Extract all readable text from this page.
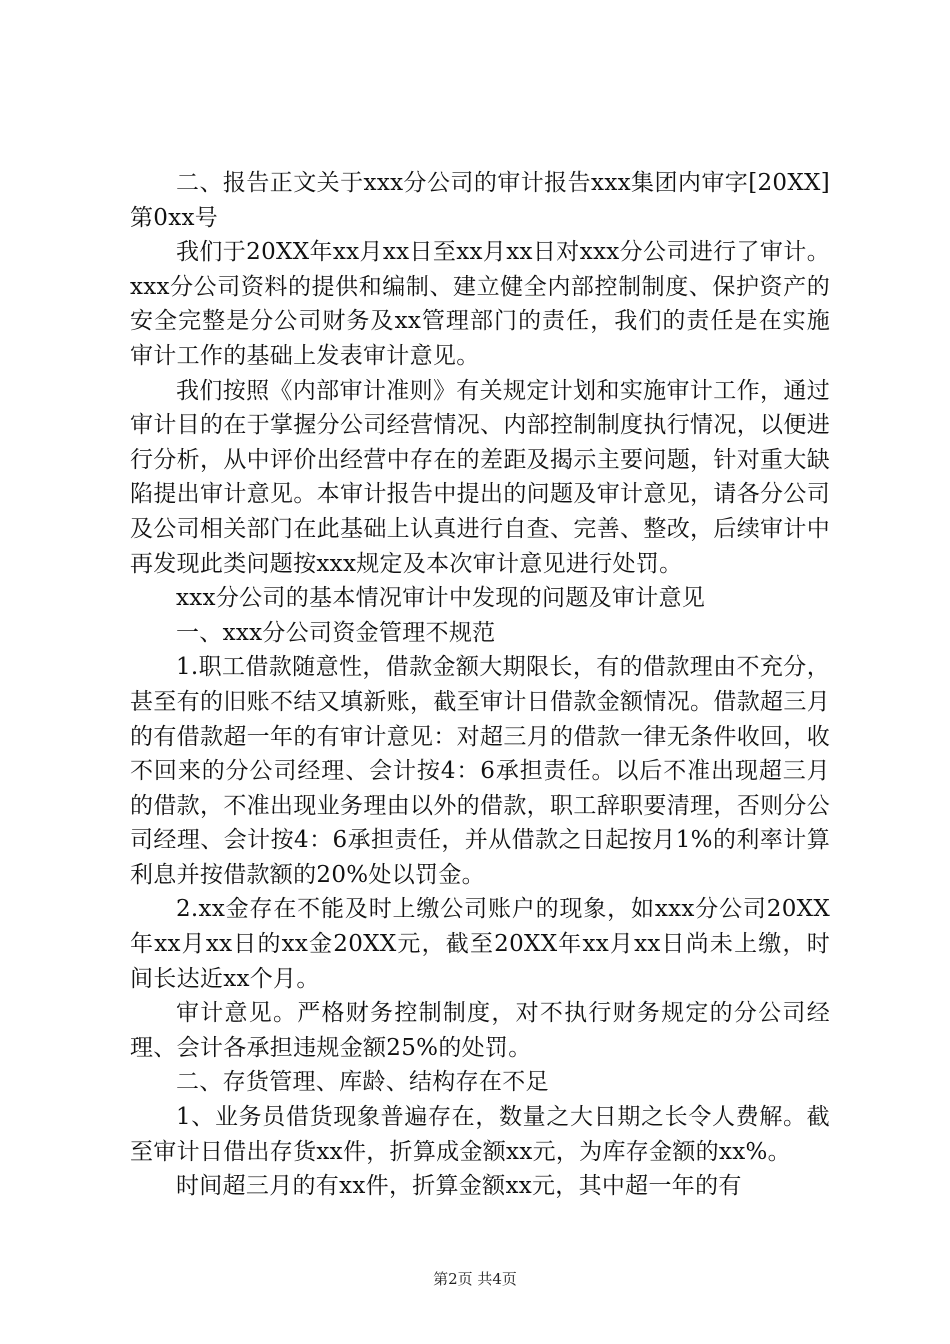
二、报告正文关于xxx分公司的审计报告xxx集团内审字[20XX]第0xx号

我们于20XX年xx月xx日至xx月xx日对xxx分公司进行了审计。xxx分公司资料的提供和编制、建立健全内部控制制度、保护资产的安全完整是分公司财务及xx管理部门的责任，我们的责任是在实施审计工作的基础上发表审计意见。

我们按照《内部审计准则》有关规定计划和实施审计工作，通过审计目的在于掌握分公司经营情况、内部控制制度执行情况，以便进行分析，从中评价出经营中存在的差距及揭示主要问题，针对重大缺陷提出审计意见。本审计报告中提出的问题及审计意见，请各分公司及公司相关部门在此基础上认真进行自查、完善、整改，后续审计中再发现此类问题按xxx规定及本次审计意见进行处罚。

xxx分公司的基本情况审计中发现的问题及审计意见

一、xxx分公司资金管理不规范

1.职工借款随意性，借款金额大期限长，有的借款理由不充分，甚至有的旧账不结又填新账，截至审计日借款金额情况。借款超三月的有借款超一年的有审计意见：对超三月的借款一律无条件收回，收不回来的分公司经理、会计按4：6承担责任。以后不准出现超三月的借款，不准出现业务理由以外的借款，职工辞职要清理，否则分公司经理、会计按4：6承担责任，并从借款之日起按月1%的利率计算利息并按借款额的20%处以罚金。

2.xx金存在不能及时上缴公司账户的现象，如xxx分公司20XX年xx月xx日的xx金20XX元，截至20XX年xx月xx日尚未上缴，时间长达近xx个月。

审计意见。严格财务控制制度，对不执行财务规定的分公司经理、会计各承担违规金额25%的处罚。

二、存货管理、库龄、结构存在不足

1、业务员借货现象普遍存在，数量之大日期之长令人费解。截至审计日借出存货xx件，折算成金额xx元，为库存金额的xx%。

时间超三月的有xx件，折算金额xx元，其中超一年的有

第2页 共4页
